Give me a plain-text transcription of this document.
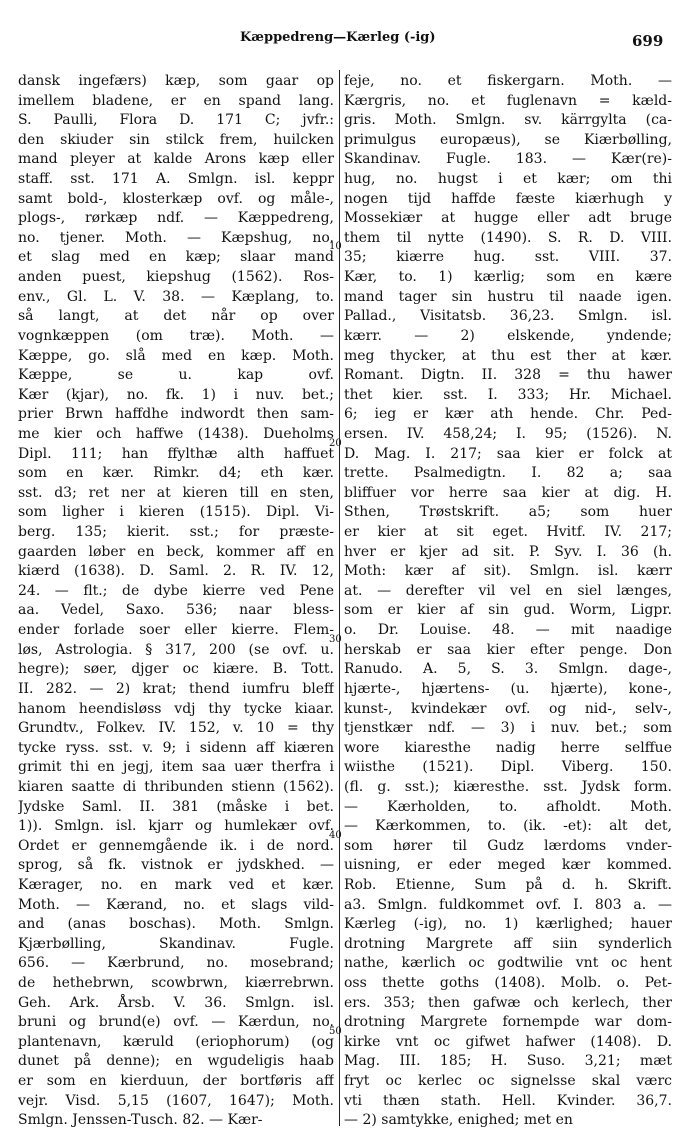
Kæppedreng—Kærleg (-ig)	699
10
20
30
40
50
dansk ingefærs) kæp, som gaar op
imellem bladene, er en spand lang.
S. Paulli, Flora D. 171 C; jvfr.:
den skiuder sin stilck frem, huilcken
mand pleyer at kalde Arons kæp eller
staff. sst. 171 A. Smlgn. isl. keppr
samt bold-, klosterkæp ovf. og måle-,
plogs-, rørkæp ndf. — Kæppedreng,
no. tjener. Moth. — Kæpshug, no.
et slag med en kæp; slaar mand
anden puest, kiepshug (1562). Ros-
env., Gl. L. V. 38. — Kæplang, to.
så langt, at det når op over
vognkæppen (om træ). Moth. —
Kæppe, go. slå med en kæp. Moth.
Kæppe, se u. kap ovf.
Kær (kjar), no. fk. 1) i nuv. bet.;
prier Brwn haffdhe indwordt then sam-
me kier och haffwe (1438). Dueholms
Dipl. 111; han ffylthæ alth haffuet
som en kær. Rimkr. d4; eth kær.
sst. d3; ret ner at kieren till en sten,
som ligher i kieren (1515). Dipl. Vi-
berg. 135; kierit. sst.; for præste-
gaarden løber en beck, kommer aff en
kiærd (1638). D. Saml. 2. R. IV. 12,
24. — flt.; de dybe kierre ved Pene
aa. Vedel, Saxo. 536; naar bless-
ender forlade soer eller kierre. Flem-
løs, Astrologia. § 317, 200 (se ovf. u.
hegre); søer, djger oc kiære. B. Tott.
II. 282. — 2) krat; thend iumfru bleff
hanom heendisløss vdj thy tycke kiaar.
Grundtv., Folkev. IV. 152, v. 10 = thy
tycke ryss. sst. v. 9; i sidenn aff kiæren
grimit thi en jegj, item saa uær therfra i
kiaren saatte di thribunden stienn (1562).
Jydske Saml. II. 381 (måske i bet.
1)). Smlgn. isl. kjarr og humlekær ovf.
Ordet er gennemgående ik. i de nord.
sprog, så fk. vistnok er jydskhed. —
Kærager, no. en mark ved et kær.
Moth. — Kærand, no. et slags vild-
and (anas boschas). Moth. Smlgn.
Kjærbølling, Skandinav. Fugle.
656. — Kærbrund, no. mosebrand;
de hethebrwn, scowbrwn, kiærrebrwn.
Geh. Ark. Årsb. V. 36. Smlgn. isl.
bruni og brund(e) ovf. — Kærdun, no.
plantenavn, kæruld (eriophorum) (og
dunet på denne); en wgudeligis haab
er som en kierduun, der bortføris aff
vejr. Visd. 5,15 (1607, 1647); Moth.
Smlgn. Jenssen-Tusch. 82. — Kær-
feje, no. et fiskergarn. Moth. —
Kærgris, no. et fuglenavn = kæld-
gris. Moth. Smlgn. sv. kärrgylta (ca-
primulgus europæus), se Kiærbølling,
Skandinav. Fugle. 183. — Kær(re)-
hug, no. hugst i et kær; om thi
nogen tijd haffde fæste kiærhugh y
Mossekiær at hugge eller adt bruge
them til nytte (1490). S. R. D. VIII.
35; kiærre hug. sst. VIII. 37.
Kær, to. 1) kærlig; som en kære
mand tager sin hustru til naade igen.
Pallad., Visitatsb. 36,23. Smlgn. isl.
kærr. — 2) elskende, yndende;
meg thycker, at thu est ther at kær.
Romant. Digtn. II. 328 = thu hawer
thet kier. sst. I. 333; Hr. Michael.
6; ieg er kær ath hende. Chr. Ped-
ersen. IV. 458,24; I. 95; (1526). N.
D. Mag. I. 217; saa kier er folck at
trette. Psalmedigtn. I. 82 a; saa
bliffuer vor herre saa kier at dig. H.
Sthen, Trøstskrift. a5; som huer
er kier at sit eget. Hvitf. IV. 217;
hver er kjer ad sit. P. Syv. I. 36 (h.
Moth: kær af sit). Smlgn. isl. kærr
at. — derefter vil vel en siel længes,
som er kier af sin gud. Worm, Ligpr.
o. Dr. Louise. 48. — mit naadige
herskab er saa kier efter penge. Don
Ranudo. A. 5, S. 3. Smlgn. dage-,
hjærte-, hjærtens- (u. hjærte), kone-,
kunst-, kvindekær ovf. og nid-, selv-,
tjenstkær ndf. — 3) i nuv. bet.; som
wore kiaresthe nadig herre selffue
wiisthe (1521). Dipl. Viberg. 150.
(fl. g. sst.); kiæresthe. sst. Jydsk form.
— Kærholden, to. afholdt. Moth.
— Kærkommen, to. (ik. -et): alt det,
som hører til Gudz lærdoms vnder-
uisning, er eder meged kær kommed.
Rob. Etienne, Sum på d. h. Skrift.
a3. Smlgn. fuldkommet ovf. I. 803 a. —
Kærleg (-ig), no. 1) kærlighed; hauer
drotning Margrete aff siin synderlich
nathe, kærlich oc godtwilie vnt oc hent
oss thette goths (1408). Molb. o. Pet-
ers. 353; then gafwæ och kerlech, ther
drotning Margrete fornempde war dom-
kirke vnt oc gifwet hafwer (1408). D.
Mag. III. 185; H. Suso. 3,21; mæt
fryt oc kerlec oc signelsse skal værc
vti thæn stath. Hell. Kvinder. 36,7.
— 2) samtykke, enighed; met en
